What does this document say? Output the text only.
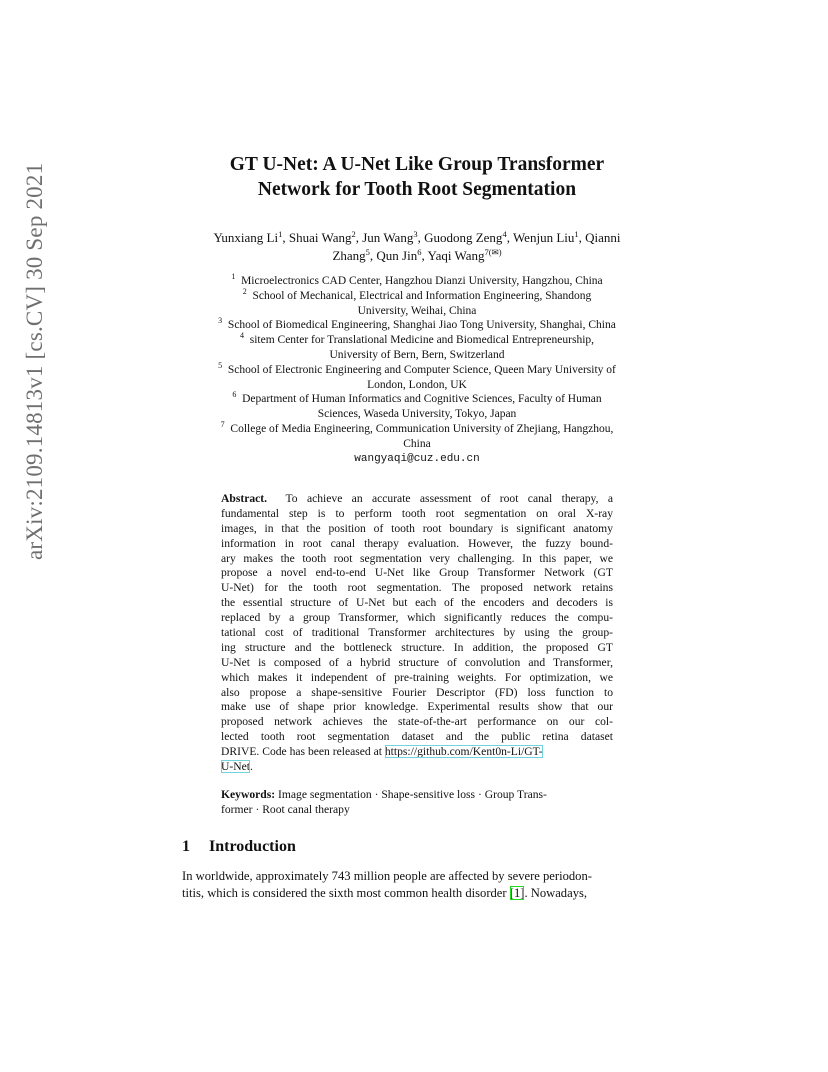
arXiv:2109.14813v1 [cs.CV] 30 Sep 2021	GT U-Net: A U-Net Like Group Transformer
Network for Tooth Root Segmentation
Yunxiang Li$^1$, Shuai Wang$^2$, Jun Wang$^3$, Guodong Zeng$^4$, Wenjun Liu$^1$, Qianni
Zhang$^5$, Qun Jin$^6$, Yaqi Wang$^{7(✉)}$
$^1$ Microelectronics CAD Center, Hangzhou Dianzi University, Hangzhou, China
$^2$ School of Mechanical, Electrical and Information Engineering, Shandong
University, Weihai, China
$^3$ School of Biomedical Engineering, Shanghai Jiao Tong University, Shanghai, China
$^4$ sitem Center for Translational Medicine and Biomedical Entrepreneurship,
University of Bern, Bern, Switzerland
$^5$ School of Electronic Engineering and Computer Science, Queen Mary University of
London, London, UK
$^6$ Department of Human Informatics and Cognitive Sciences, Faculty of Human
Sciences, Waseda University, Tokyo, Japan
$^7$ College of Media Engineering, Communication University of Zhejiang, Hangzhou,
China
wangyaqi@cuz.edu.cn
Abstract. To achieve an accurate assessment of root canal therapy, a
fundamental step is to perform tooth root segmentation on oral X-ray
images, in that the position of tooth root boundary is significant anatomy
information in root canal therapy evaluation. However, the fuzzy bound-
ary makes the tooth root segmentation very challenging. In this paper, we
propose a novel end-to-end U-Net like Group Transformer Network (GT
U-Net) for the tooth root segmentation. The proposed network retains
the essential structure of U-Net but each of the encoders and decoders is
replaced by a group Transformer, which significantly reduces the compu-
tational cost of traditional Transformer architectures by using the group-
ing structure and the bottleneck structure. In addition, the proposed GT
U-Net is composed of a hybrid structure of convolution and Transformer,
which makes it independent of pre-training weights. For optimization, we
also propose a shape-sensitive Fourier Descriptor (FD) loss function to
make use of shape prior knowledge. Experimental results show that our
proposed network achieves the state-of-the-art performance on our col-
lected tooth root segmentation dataset and the public retina dataset
DRIVE. Code has been released at https://github.com/Kent0n-Li/GT-
U-Net.
Keywords: Image segmentation · Shape-sensitive loss · Group Trans-
former · Root canal therapy
1 Introduction
In worldwide, approximately 743 million people are affected by severe periodon-
titis, which is considered the sixth most common health disorder [1]. Nowadays,
